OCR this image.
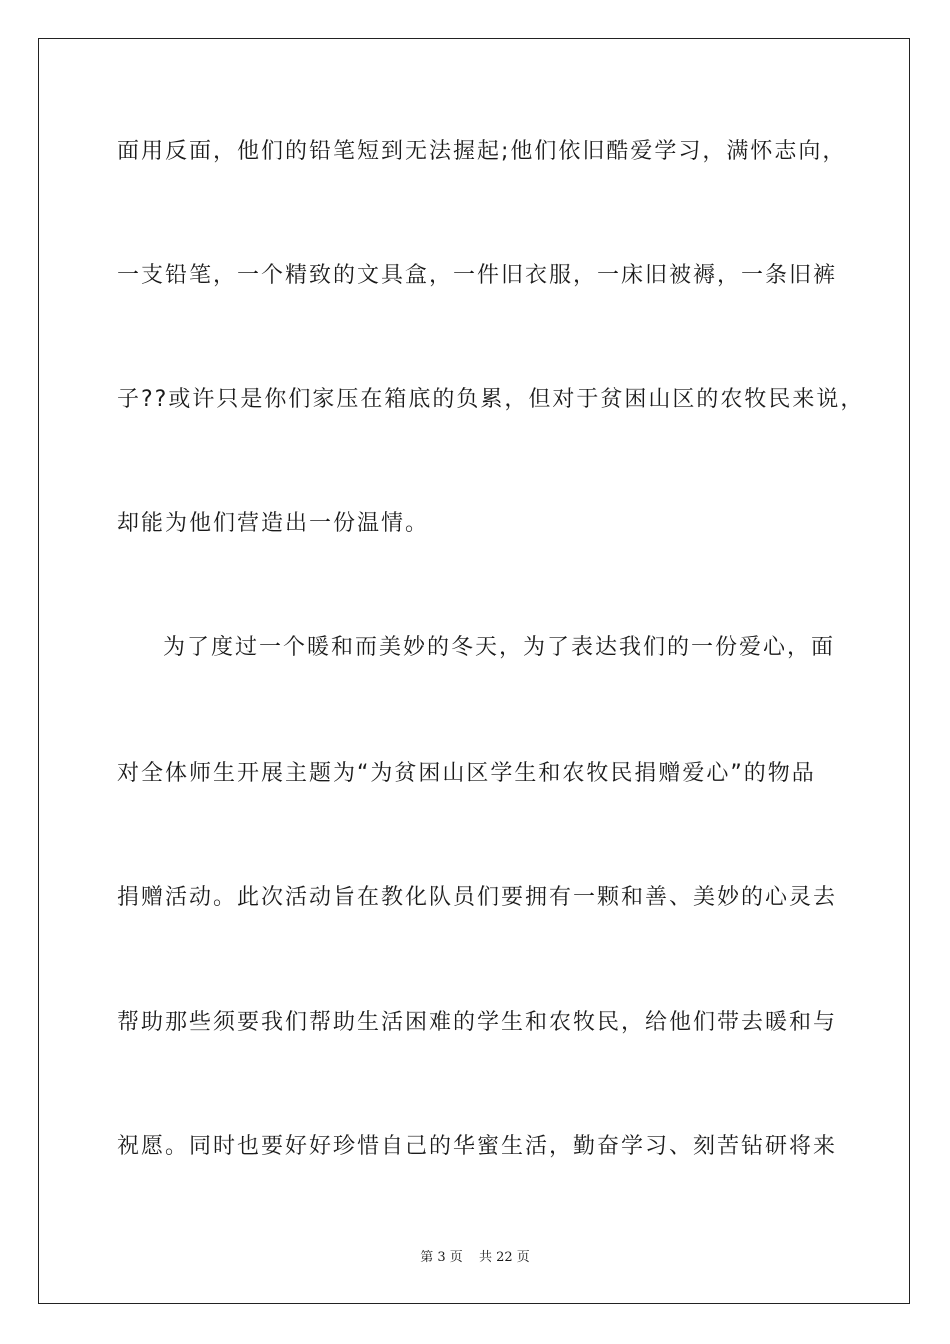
面用反面，他们的铅笔短到无法握起;他们依旧酷爱学习，满怀志向，
一支铅笔，一个精致的文具盒，一件旧衣服，一床旧被褥，一条旧裤
子??或许只是你们家压在箱底的负累，但对于贫困山区的农牧民来说，
却能为他们营造出一份温情。
为了度过一个暖和而美妙的冬天，为了表达我们的一份爱心，面
对全体师生开展主题为“为贫困山区学生和农牧民捐赠爱心”的物品
捐赠活动。此次活动旨在教化队员们要拥有一颗和善、美妙的心灵去
帮助那些须要我们帮助生活困难的学生和农牧民，给他们带去暖和与
祝愿。同时也要好好珍惜自己的华蜜生活，勤奋学习、刻苦钻研将来
第 3 页 共 22 页
